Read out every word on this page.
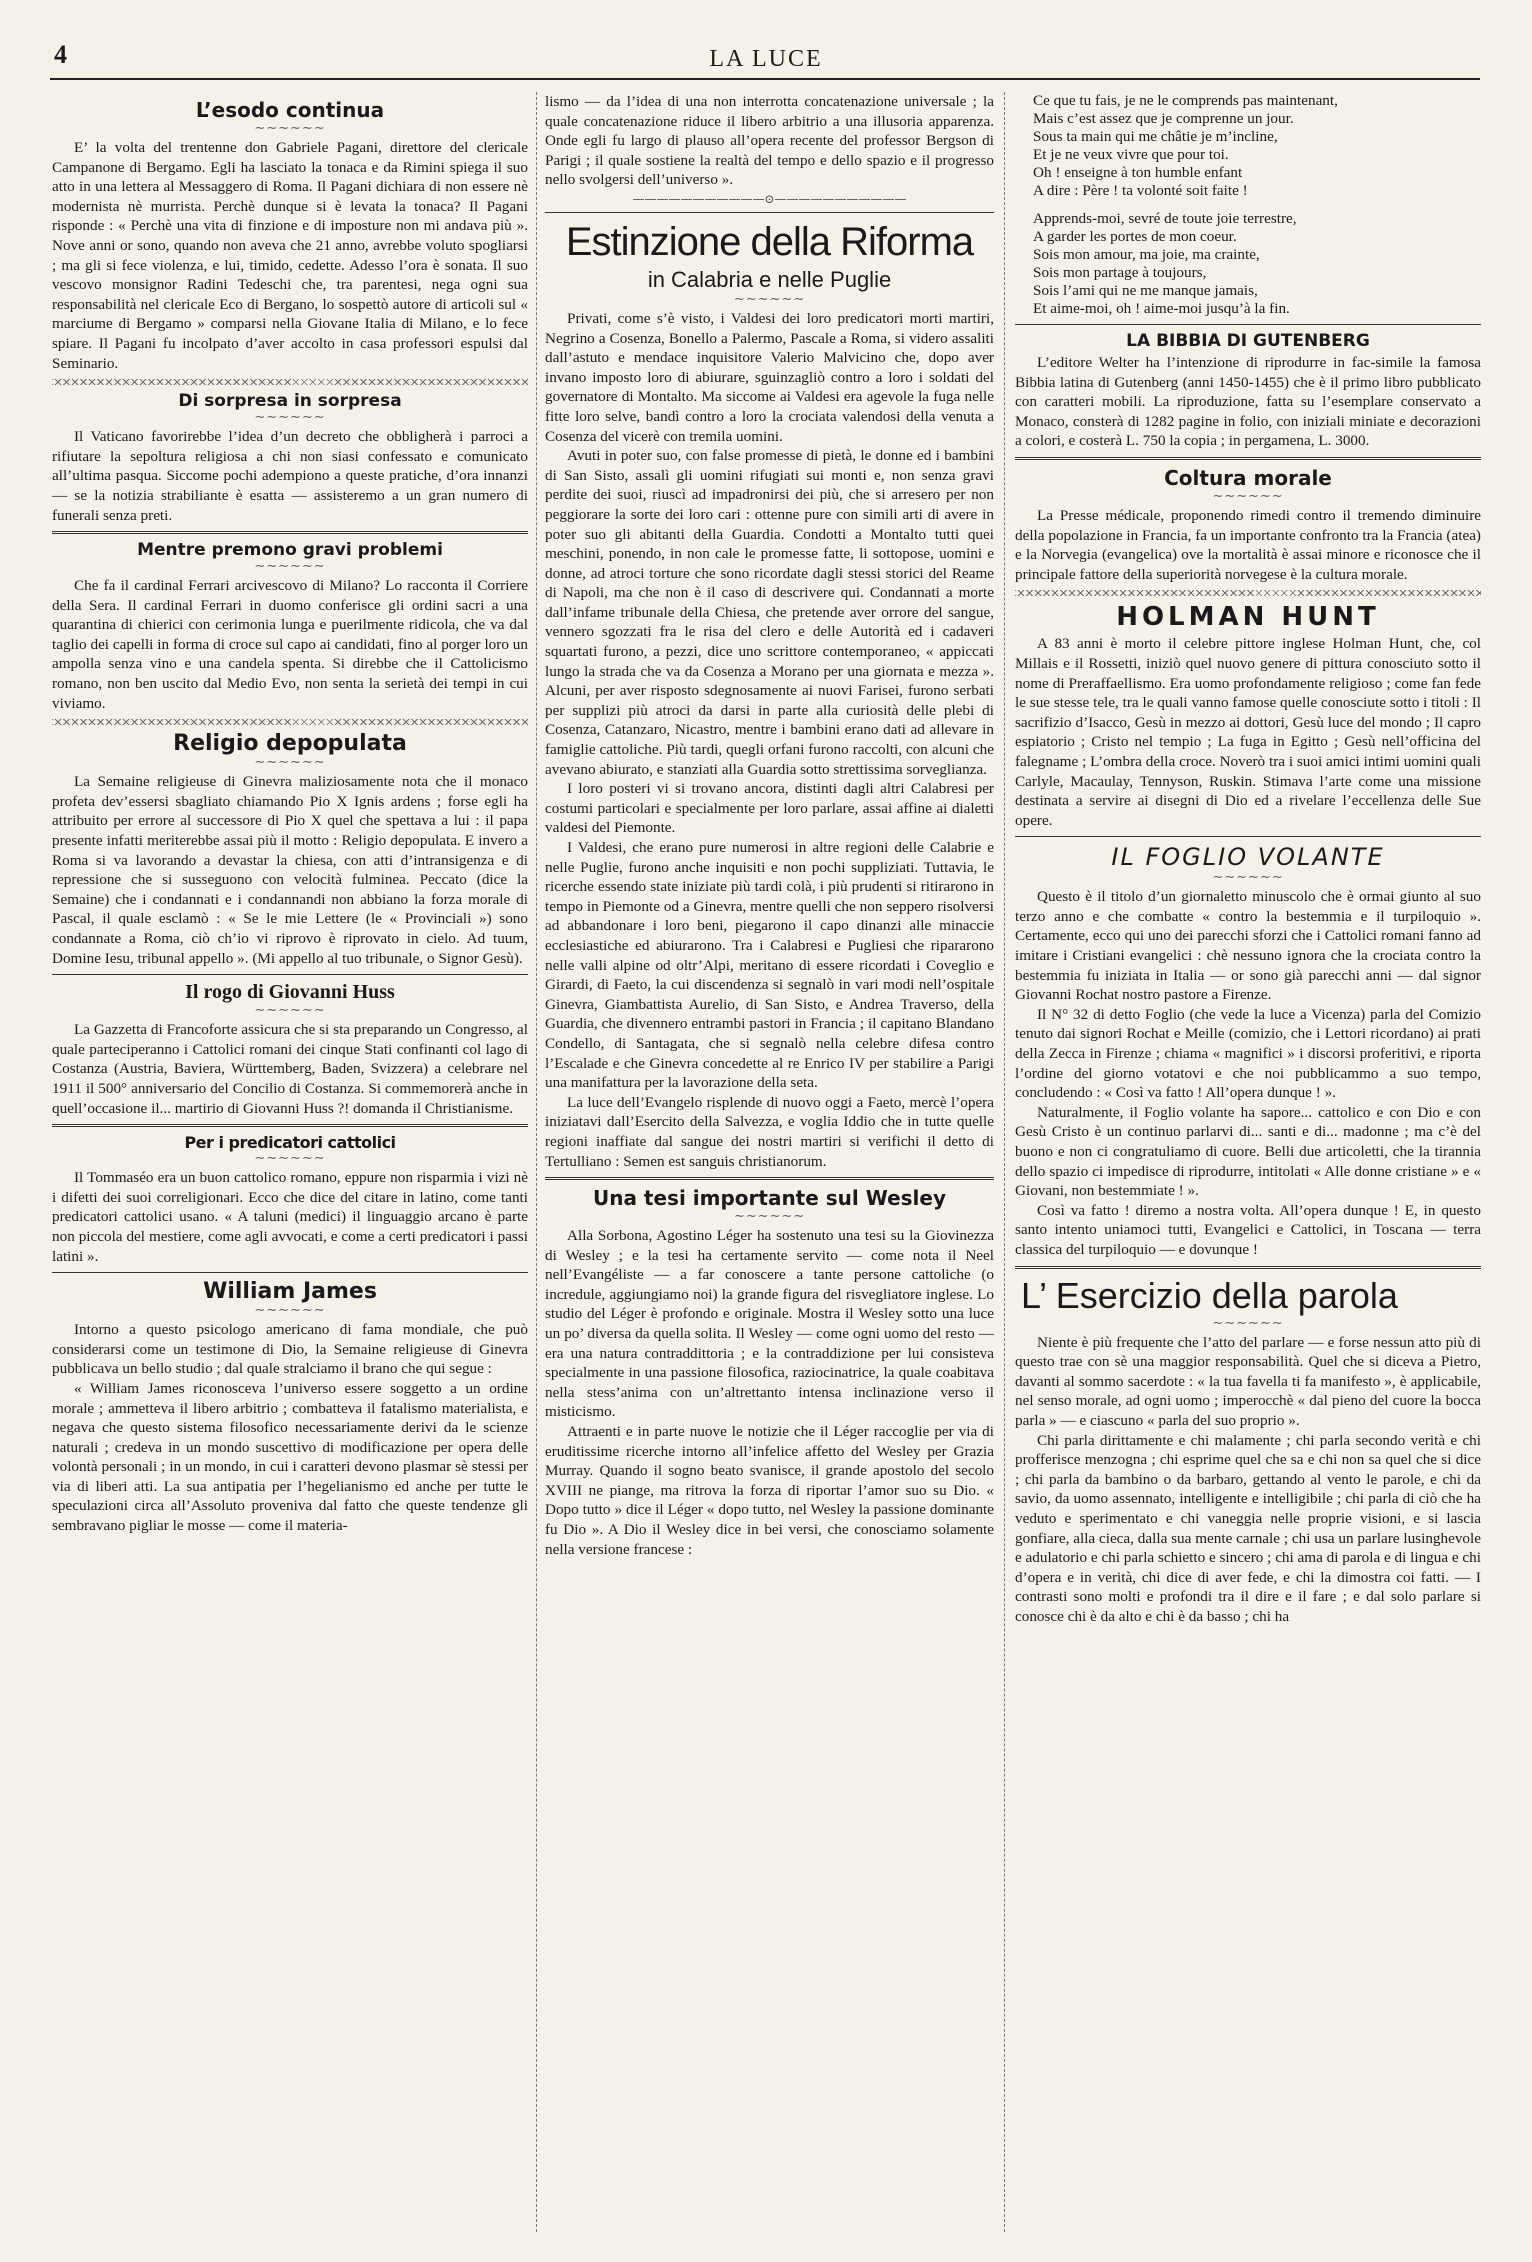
4	LA LUCE
L’esodo continua
∼∼∼∼∼∼

E’ la volta del trentenne don Gabriele Pagani, direttore del clericale Campanone di Bergamo. Egli ha lasciato la tonaca e da Rimini spiega il suo atto in una lettera al Messaggero di Roma. Il Pagani dichiara di non essere nè modernista nè murrista. Perchè dunque si è levata la tonaca? Il Pagani risponde : « Perchè una vita di finzione e di imposture non mi andava più ». Nove anni or sono, quando non aveva che 21 anno, avrebbe voluto spogliarsi ; ma gli si fece violenza, e lui, timido, cedette. Adesso l’ora è sonata. Il suo vescovo monsignor Radini Tedeschi che, tra parentesi, nega ogni sua responsabilità nel clericale Eco di Bergano, lo sospettò autore di articoli sul « marciume di Bergamo » comparsi nella Giovane Italia di Milano, e lo fece spiare. Il Pagani fu incolpato d’aver accolto in casa professori espulsi dal Seminario.

Di sorpresa in sorpresa
∼∼∼∼∼∼

Il Vaticano favorirebbe l’idea d’un decreto che obbligherà i parroci a rifiutare la sepoltura religiosa a chi non siasi confessato e comunicato all’ultima pasqua. Siccome pochi adempiono a queste pratiche, d’ora innanzi — se la notizia strabiliante è esatta — assisteremo a un gran numero di funerali senza preti.

Mentre premono gravi problemi
∼∼∼∼∼∼

Che fa il cardinal Ferrari arcivescovo di Milano? Lo racconta il Corriere della Sera. Il cardinal Ferrari in duomo conferisce gli ordini sacri a una quarantina di chierici con cerimonia lunga e puerilmente ridicola, che va dal taglio dei capelli in forma di croce sul capo ai candidati, fino al porger loro un ampolla senza vino e una candela spenta. Si direbbe che il Cattolicismo romano, non ben uscito dal Medio Evo, non senta la serietà dei tempi in cui viviamo.

Religio depopulata
∼∼∼∼∼∼

La Semaine religieuse di Ginevra maliziosamente nota che il monaco profeta dev’essersi sbagliato chiamando Pio X Ignis ardens ; forse egli ha attribuito per errore al successore di Pio X quel che spettava a lui : il papa presente infatti meriterebbe assai più il motto : Religio depopulata. E invero a Roma si va lavorando a devastar la chiesa, con atti d’intransigenza e di repressione che si susseguono con velocità fulminea. Peccato (dice la Semaine) che i condannati e i condannandi non abbiano la forza morale di Pascal, il quale esclamò : « Se le mie Lettere (le « Provinciali ») sono condannate a Roma, ciò ch’io vi riprovo è riprovato in cielo. Ad tuum, Domine Iesu, tribunal appello ». (Mi appello al tuo tribunale, o Signor Gesù).

Il rogo di Giovanni Huss
∼∼∼∼∼∼

La Gazzetta di Francoforte assicura che si sta preparando un Congresso, al quale parteciperanno i Cattolici romani dei cinque Stati confinanti col lago di Costanza (Austria, Baviera, Württemberg, Baden, Svizzera) a celebrare nel 1911 il 500° anniversario del Concilio di Costanza. Si commemorerà anche in quell’occasione il... martirio di Giovanni Huss ?! domanda il Christianisme.

Per i predicatori cattolici
∼∼∼∼∼∼

Il Tommaséo era un buon cattolico romano, eppure non risparmia i vizi nè i difetti dei suoi correligionari. Ecco che dice del citare in latino, come tanti predicatori cattolici usano. « A taluni (medici) il linguaggio arcano è parte non piccola del mestiere, come agli avvocati, e come a certi predicatori i passi latini ».

William James
∼∼∼∼∼∼

Intorno a questo psicologo americano di fama mondiale, che può considerarsi come un testimone di Dio, la Semaine religieuse di Ginevra pubblicava un bello studio ; dal quale stralciamo il brano che qui segue :

« William James riconosceva l’universo essere soggetto a un ordine morale ; ammetteva il libero arbitrio ; combatteva il fatalismo materialista, e negava che questo sistema filosofico necessariamente derivi da le scienze naturali ; credeva in un mondo suscettivo di modificazione per opera delle volontà personali ; in un mondo, in cui i caratteri devono plasmar sè stessi per via di liberi atti. La sua antipatia per l’hegelianismo ed anche per tutte le speculazioni circa all’Assoluto proveniva dal fatto che queste tendenze gli sembravano pigliar le mosse — come il materia-

lismo — da l’idea di una non interrotta concatenazione universale ; la quale concatenazione riduce il libero arbitrio a una illusoria apparenza. Onde egli fu largo di plauso all’opera recente del professor Bergson di Parigi ; il quale sostiene la realtà del tempo e dello spazio e il progresso nello svolgersi dell’universo ».

———————————⊙———————————
Estinzione della Riforma
in Calabria e nelle Puglie
∼∼∼∼∼∼

Privati, come s’è visto, i Valdesi dei loro predicatori morti martiri, Negrino a Cosenza, Bonello a Palermo, Pascale a Roma, si videro assaliti dall’astuto e mendace inquisitore Valerio Malvicino che, dopo aver invano imposto loro di abiurare, sguinzagliò contro a loro i soldati del governatore di Montalto. Ma siccome ai Valdesi era agevole la fuga nelle fitte loro selve, bandì contro a loro la crociata valendosi della venuta a Cosenza del vicerè con tremila uomini.

Avuti in poter suo, con false promesse di pietà, le donne ed i bambini di San Sisto, assalì gli uomini rifugiati sui monti e, non senza gravi perdite dei suoi, riuscì ad impadronirsi dei più, che si arresero per non peggiorare la sorte dei loro cari : ottenne pure con simili arti di avere in poter suo gli abitanti della Guardia. Condotti a Montalto tutti quei meschini, ponendo, in non cale le promesse fatte, li sottopose, uomini e donne, ad atroci torture che sono ricordate dagli stessi storici del Reame di Napoli, ma che non è il caso di descrivere qui. Condannati a morte dall’infame tribunale della Chiesa, che pretende aver orrore del sangue, vennero sgozzati fra le risa del clero e delle Autorità ed i cadaveri squartati furono, a pezzi, dice uno scrittore contemporaneo, « appiccati lungo la strada che va da Cosenza a Morano per una giornata e mezza ». Alcuni, per aver risposto sdegnosamente ai nuovi Farisei, furono serbati per supplizi più atroci da darsi in parte alla curiosità delle plebi di Cosenza, Catanzaro, Nicastro, mentre i bambini erano dati ad allevare in famiglie cattoliche. Più tardi, quegli orfani furono raccolti, con alcuni che avevano abiurato, e stanziati alla Guardia sotto strettissima sorveglianza.

I loro posteri vi si trovano ancora, distinti dagli altri Calabresi per costumi particolari e specialmente per loro parlare, assai affine ai dialetti valdesi del Piemonte.

I Valdesi, che erano pure numerosi in altre regioni delle Calabrie e nelle Puglie, furono anche inquisiti e non pochi suppliziati. Tuttavia, le ricerche essendo state iniziate più tardi colà, i più prudenti si ritirarono in tempo in Piemonte od a Ginevra, mentre quelli che non seppero risolversi ad abbandonare i loro beni, piegarono il capo dinanzi alle minaccie ecclesiastiche ed abiurarono. Tra i Calabresi e Pugliesi che ripararono nelle valli alpine od oltr’Alpi, meritano di essere ricordati i Coveglio e Girardi, di Faeto, la cui discendenza si segnalò in vari modi nell’ospitale Ginevra, Giambattista Aurelio, di San Sisto, e Andrea Traverso, della Guardia, che divennero entrambi pastori in Francia ; il capitano Blandano Condello, di Santagata, che si segnalò nella celebre difesa contro l’Escalade e che Ginevra concedette al re Enrico IV per stabilire a Parigi una manifattura per la lavorazione della seta.

La luce dell’Evangelo risplende di nuovo oggi a Faeto, mercè l’opera iniziatavi dall’Esercito della Salvezza, e voglia Iddio che in tutte quelle regioni inaffiate dal sangue dei nostri martiri si verifichi il detto di Tertulliano : Semen est sanguis christianorum.

Una tesi importante sul Wesley
∼∼∼∼∼∼

Alla Sorbona, Agostino Léger ha sostenuto una tesi su la Giovinezza di Wesley ; e la tesi ha certamente servito — come nota il Neel nell’Evangéliste — a far conoscere a tante persone cattoliche (o incredule, aggiungiamo noi) la grande figura del risvegliatore inglese. Lo studio del Léger è profondo e originale. Mostra il Wesley sotto una luce un po’ diversa da quella solita. Il Wesley — come ogni uomo del resto — era una natura contraddittoria ; e la contraddizione per lui consisteva specialmente in una passione filosofica, raziocinatrice, la quale coabitava nella stess’anima con un’altrettanto intensa inclinazione verso il misticismo.

Attraenti e in parte nuove le notizie che il Léger raccoglie per via di eruditissime ricerche intorno all’infelice affetto del Wesley per Grazia Murray. Quando il sogno beato svanisce, il grande apostolo del secolo XVIII ne piange, ma ritrova la forza di riportar l’amor suo su Dio. « Dopo tutto » dice il Léger « dopo tutto, nel Wesley la passione dominante fu Dio ». A Dio il Wesley dice in bei versi, che conosciamo solamente nella versione francese :

Ce que tu fais, je ne le comprends pas maintenant,

Mais c’est assez que je comprenne un jour.

Sous ta main qui me châtie je m’incline,

Et je ne veux vivre que pour toi.

Oh ! enseigne à ton humble enfant

A dire : Père ! ta volonté soit faite !

Apprends-moi, sevré de toute joie terrestre,

A garder les portes de mon coeur.

Sois mon amour, ma joie, ma crainte,

Sois mon partage à toujours,

Sois l’ami qui ne me manque jamais,

Et aime-moi, oh ! aime-moi jusqu’à la fin.

LA BIBBIA DI GUTENBERG

L’editore Welter ha l’intenzione di riprodurre in fac-simile la famosa Bibbia latina di Gutenberg (anni 1450-1455) che è il primo libro pubblicato con caratteri mobili. La riproduzione, fatta su l’esemplare conservato a Monaco, consterà di 1282 pagine in folio, con iniziali miniate e decorazioni a colori, e costerà L. 750 la copia ; in pergamena, L. 3000.

Coltura morale
∼∼∼∼∼∼

La Presse médicale, proponendo rimedi contro il tremendo diminuire della popolazione in Francia, fa un importante confronto tra la Francia (atea) e la Norvegia (evangelica) ove la mortalità è assai minore e riconosce che il principale fattore della superiorità norvegese è la cultura morale.

HOLMAN HUNT

A 83 anni è morto il celebre pittore inglese Holman Hunt, che, col Millais e il Rossetti, iniziò quel nuovo genere di pittura conosciuto sotto il nome di Preraffaellismo. Era uomo profondamente religioso ; come fan fede le sue stesse tele, tra le quali vanno famose quelle conosciute sotto i titoli : Il sacrifizio d’Isacco, Gesù in mezzo ai dottori, Gesù luce del mondo ; Il capro espiatorio ; Cristo nel tempio ; La fuga in Egitto ; Gesù nell’officina del falegname ; L’ombra della croce. Noverò tra i suoi amici intimi uomini quali Carlyle, Macaulay, Tennyson, Ruskin. Stimava l’arte come una missione destinata a servire ai disegni di Dio ed a rivelare l’eccellenza delle Sue opere.

IL FOGLIO VOLANTE
∼∼∼∼∼∼

Questo è il titolo d’un giornaletto minuscolo che è ormai giunto al suo terzo anno e che combatte « contro la bestemmia e il turpiloquio ». Certamente, ecco qui uno dei parecchi sforzi che i Cattolici romani fanno ad imitare i Cristiani evangelici : chè nessuno ignora che la crociata contro la bestemmia fu iniziata in Italia — or sono già parecchi anni — dal signor Giovanni Rochat nostro pastore a Firenze.

Il N° 32 di detto Foglio (che vede la luce a Vicenza) parla del Comizio tenuto dai signori Rochat e Meille (comizio, che i Lettori ricordano) ai prati della Zecca in Firenze ; chiama « magnifici » i discorsi proferitivi, e riporta l’ordine del giorno votatovi e che noi pubblicammo a suo tempo, concludendo : « Così va fatto ! All’opera dunque ! ».

Naturalmente, il Foglio volante ha sapore... cattolico e con Dio e con Gesù Cristo è un continuo parlarvi di... santi e di... madonne ; ma c’è del buono e non ci congratuliamo di cuore. Belli due articoletti, che la tirannia dello spazio ci impedisce di riprodurre, intitolati « Alle donne cristiane » e « Giovani, non bestemmiate ! ».

Così va fatto ! diremo a nostra volta. All’opera dunque ! E, in questo santo intento uniamoci tutti, Evangelici e Cattolici, in Toscana — terra classica del turpiloquio — e dovunque !

L’ Esercizio della parola
∼∼∼∼∼∼

Niente è più frequente che l’atto del parlare — e forse nessun atto più di questo trae con sè una maggior responsabilità. Quel che si diceva a Pietro, davanti al sommo sacerdote : « la tua favella ti fa manifesto », è applicabile, nel senso morale, ad ogni uomo ; imperocchè « dal pieno del cuore la bocca parla » — e ciascuno « parla del suo proprio ».

Chi parla dirittamente e chi malamente ; chi parla secondo verità e chi profferisce menzogna ; chi esprime quel che sa e chi non sa quel che si dice ; chi parla da bambino o da barbaro, gettando al vento le parole, e chi da savio, da uomo assennato, intelligente e intelligibile ; chi parla di ciò che ha veduto e sperimentato e chi vaneggia nelle proprie visioni, e si lascia gonfiare, alla cieca, dalla sua mente carnale ; chi usa un parlare lusinghevole e adulatorio e chi parla schietto e sincero ; chi ama di parola e di lingua e chi d’opera e in verità, chi dice di aver fede, e chi la dimostra coi fatti. — I contrasti sono molti e profondi tra il dire e il fare ; e dal solo parlare si conosce chi è da alto e chi è da basso ; chi ha
